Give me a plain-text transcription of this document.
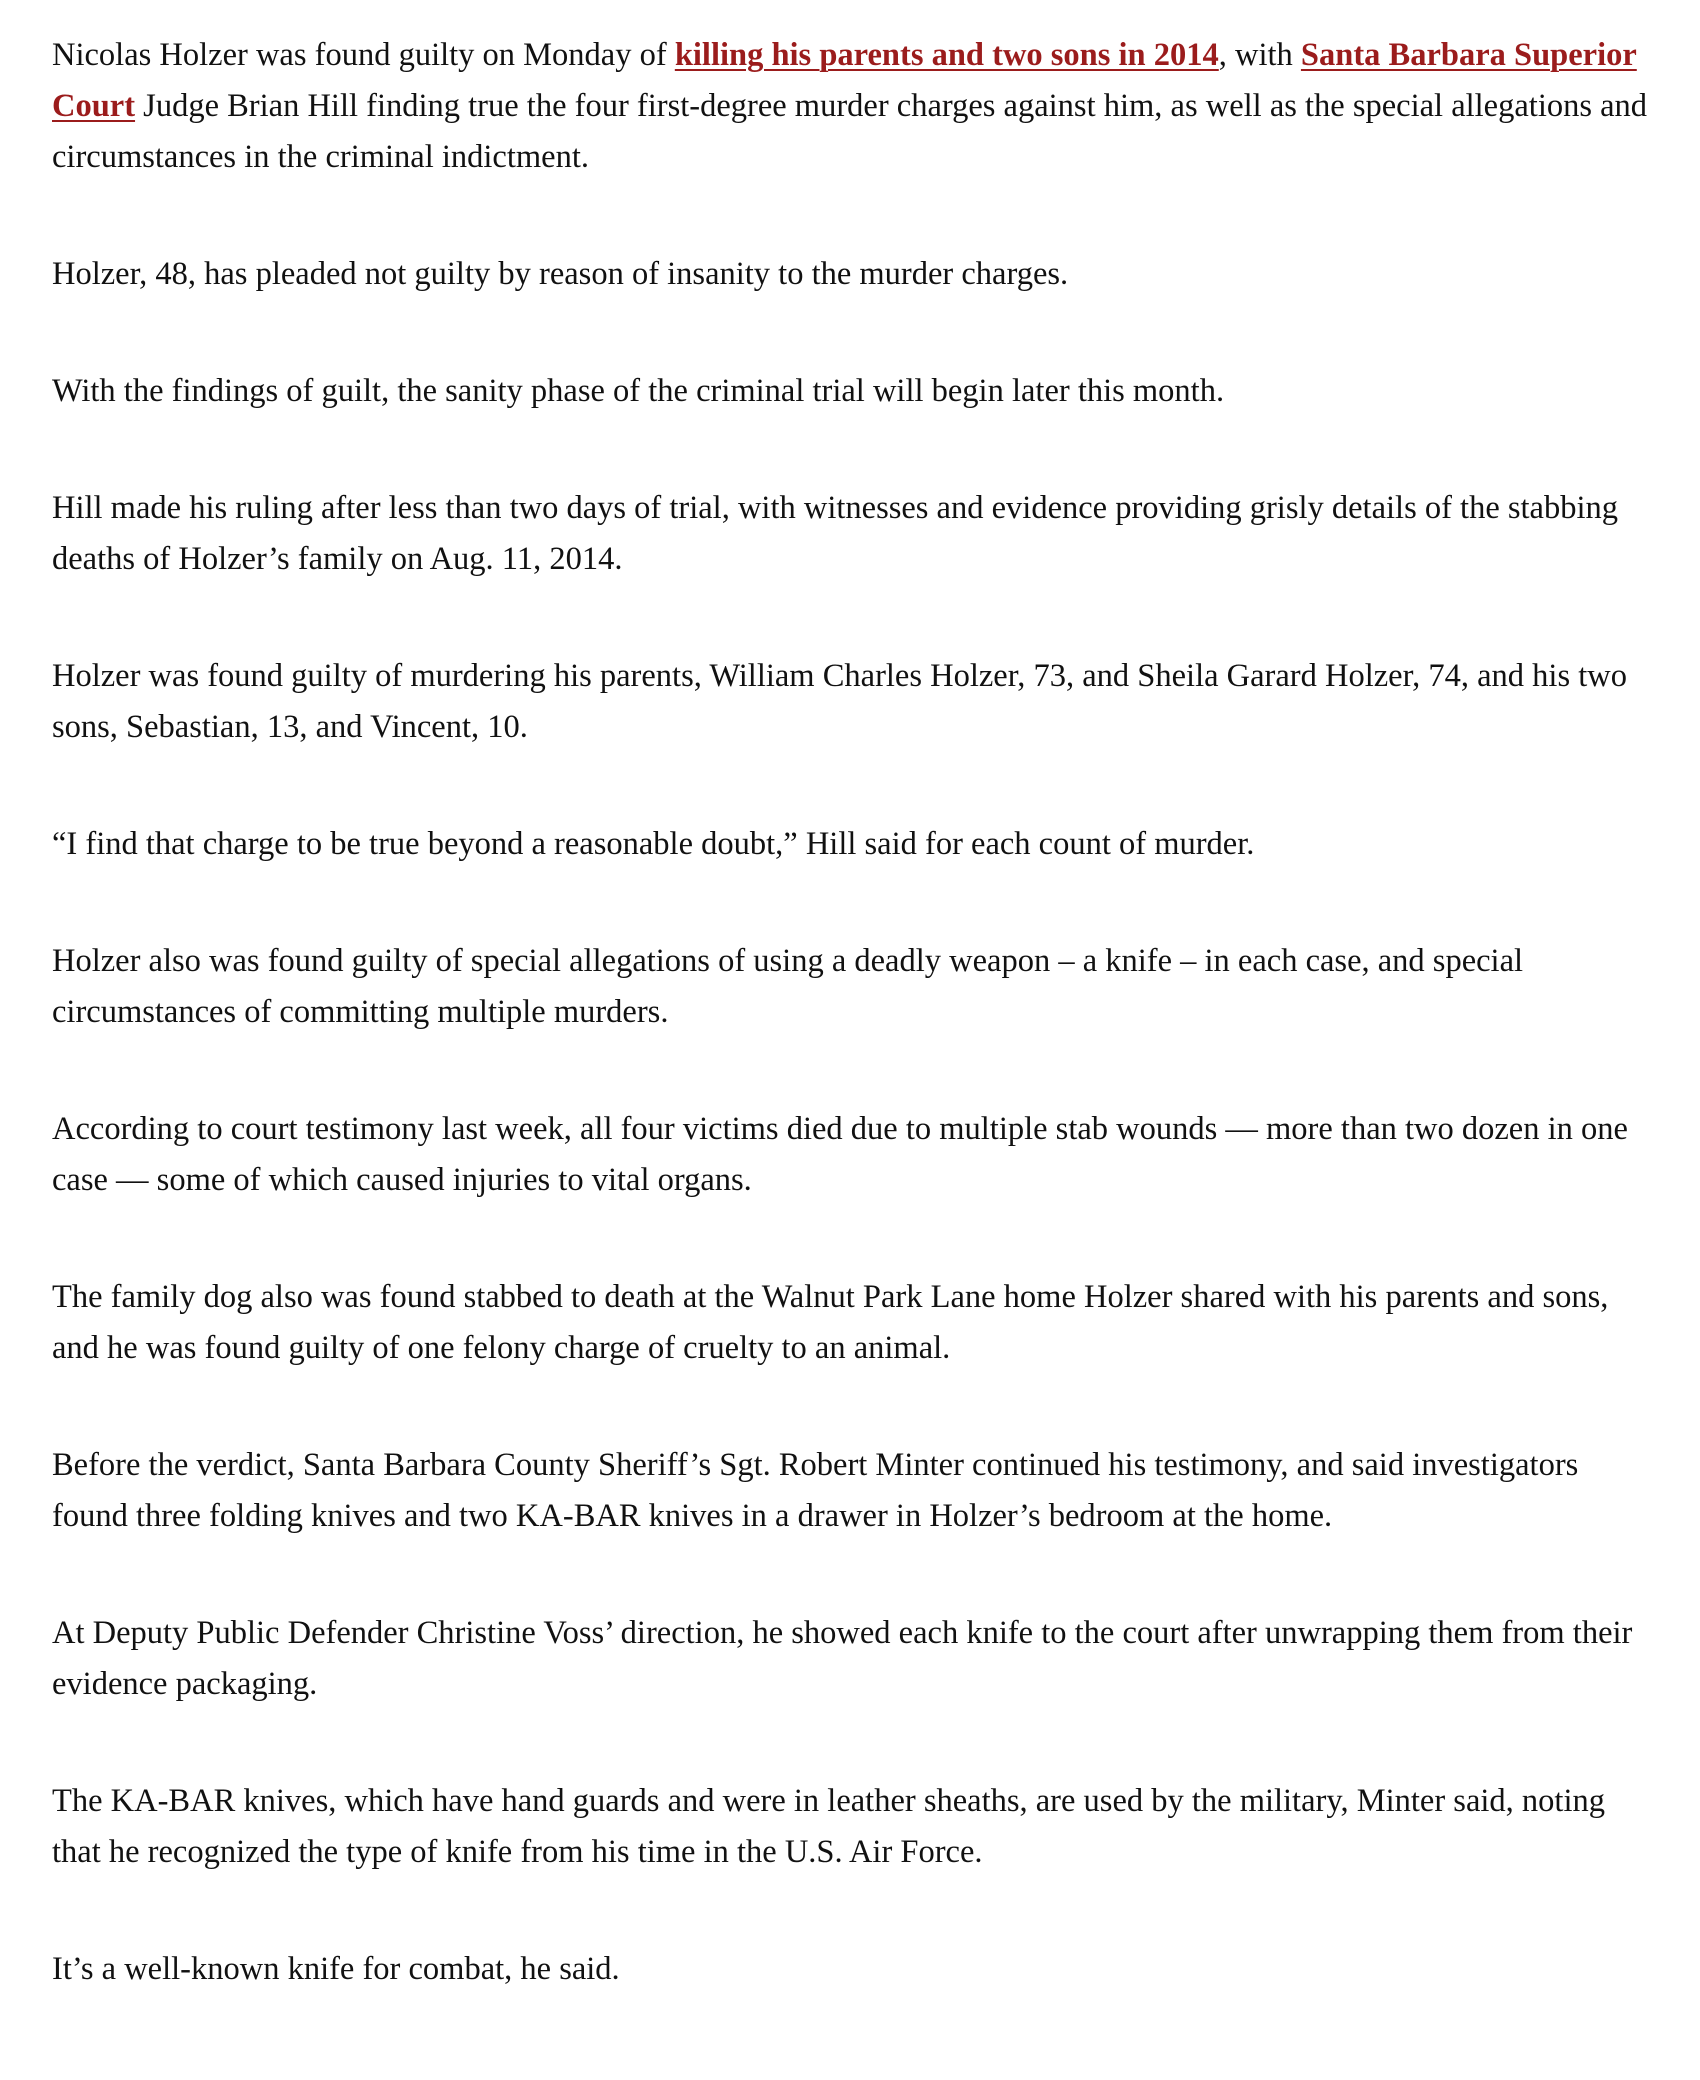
Nicolas Holzer was found guilty on Monday of killing his parents and two sons in 2014, with Santa Barbara Superior Court Judge Brian Hill finding true the four first-degree murder charges against him, as well as the special allegations and circumstances in the criminal indictment.

Holzer, 48, has pleaded not guilty by reason of insanity to the murder charges.

With the findings of guilt, the sanity phase of the criminal trial will begin later this month.

Hill made his ruling after less than two days of trial, with witnesses and evidence providing grisly details of the stabbing deaths of Holzer’s family on Aug. 11, 2014.

Holzer was found guilty of murdering his parents, William Charles Holzer, 73, and Sheila Garard Holzer, 74, and his two sons, Sebastian, 13, and Vincent, 10.

“I find that charge to be true beyond a reasonable doubt,” Hill said for each count of murder.

Holzer also was found guilty of special allegations of using a deadly weapon – a knife – in each case, and special circumstances of committing multiple murders.

According to court testimony last week, all four victims died due to multiple stab wounds — more than two dozen in one case — some of which caused injuries to vital organs.

The family dog also was found stabbed to death at the Walnut Park Lane home Holzer shared with his parents and sons, and he was found guilty of one felony charge of cruelty to an animal.

Before the verdict, Santa Barbara County Sheriff’s Sgt. Robert Minter continued his testimony, and said investigators found three folding knives and two KA-BAR knives in a drawer in Holzer’s bedroom at the home.

At Deputy Public Defender Christine Voss’ direction, he showed each knife to the court after unwrapping them from their evidence packaging.

The KA-BAR knives, which have hand guards and were in leather sheaths, are used by the military, Minter said, noting that he recognized the type of knife from his time in the U.S. Air Force.

It’s a well-known knife for combat, he said.
